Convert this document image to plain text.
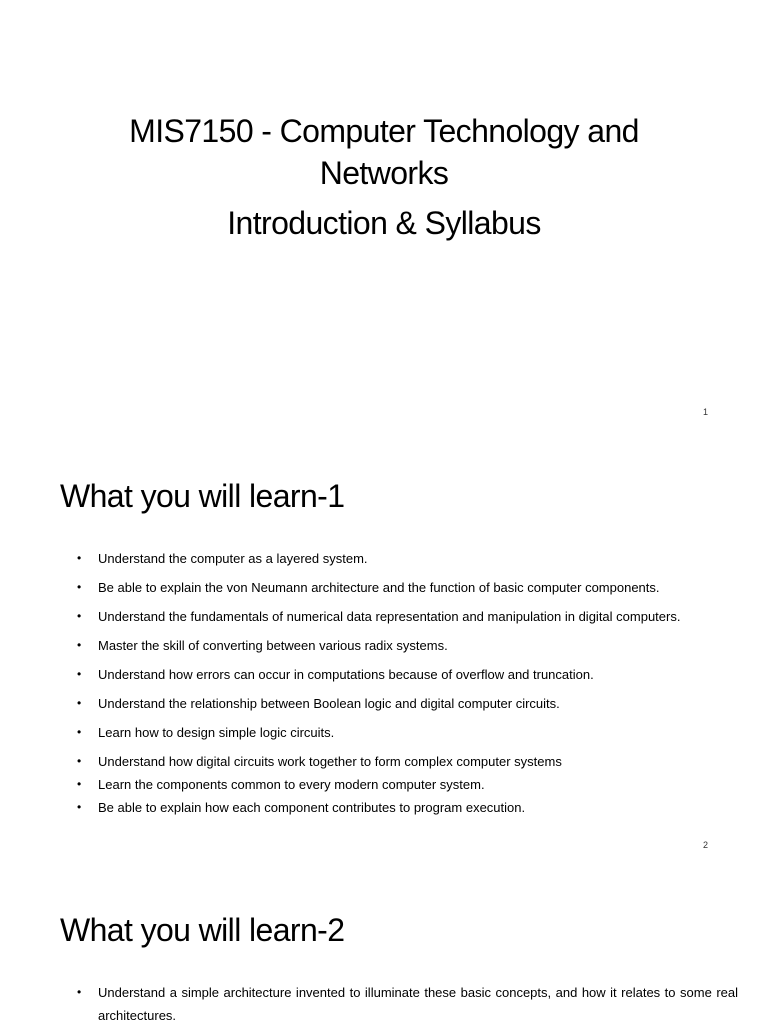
MIS7150 - Computer Technology and
Networks
Introduction & Syllabus
1
What you will learn-1
• Understand the computer as a layered system.
• Be able to explain the von Neumann architecture and the function of basic computer components.
• Understand the fundamentals of numerical data representation and manipulation in digital computers.
• Master the skill of converting between various radix systems.
• Understand how errors can occur in computations because of overflow and truncation.
• Understand the relationship between Boolean logic and digital computer circuits.
• Learn how to design simple logic circuits.
• Understand how digital circuits work together to form complex computer systems
• Learn the components common to every modern computer system.
• Be able to explain how each component contributes to program execution.
2
What you will learn-2
• Understand a simple architecture invented to illuminate these basic concepts, and how it relates to some real architectures.
